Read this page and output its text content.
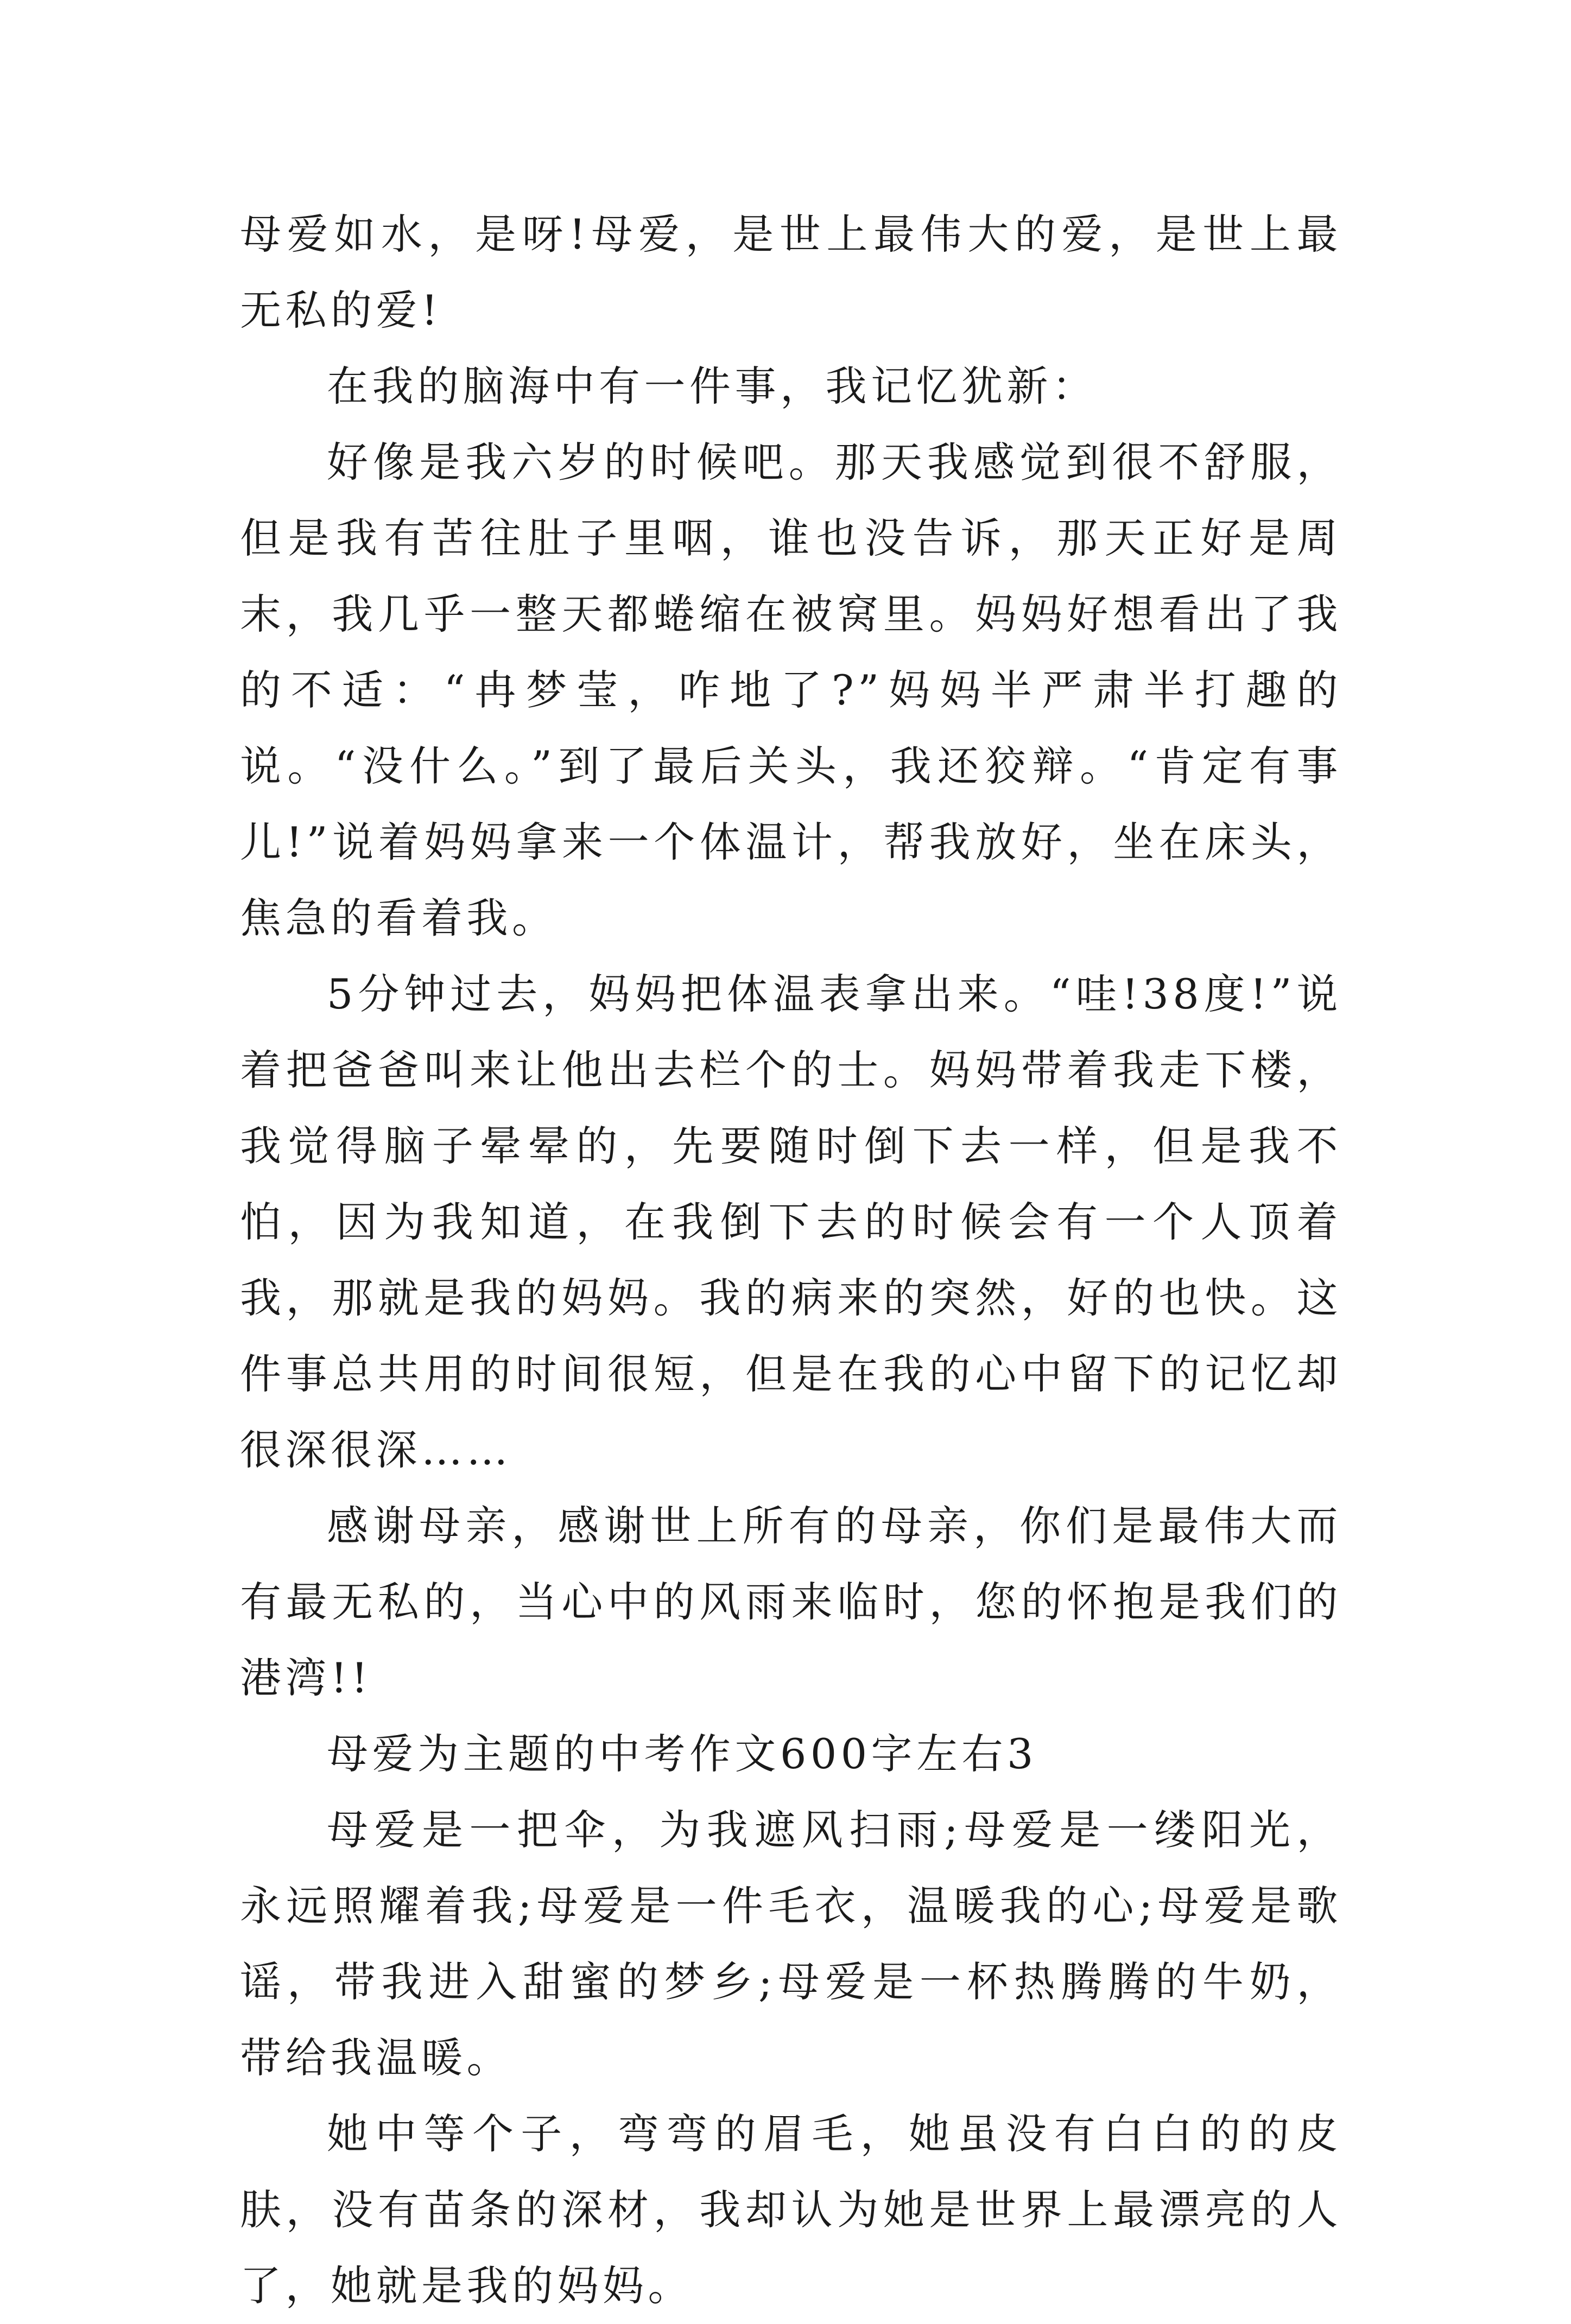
母爱如水，是呀!母爱，是世上最伟大的爱，是世上最无私的爱!

在我的脑海中有一件事，我记忆犹新：

好像是我六岁的时候吧。那天我感觉到很不舒服，但是我有苦往肚子里咽，谁也没告诉，那天正好是周末，我几乎一整天都蜷缩在被窝里。妈妈好想看出了我的不适：“冉梦莹，咋地了?”妈妈半严肃半打趣的说。“没什么。”到了最后关头，我还狡辩。“肯定有事儿!”说着妈妈拿来一个体温计，帮我放好，坐在床头，焦急的看着我。

5分钟过去，妈妈把体温表拿出来。“哇!38度!”说着把爸爸叫来让他出去栏个的士。妈妈带着我走下楼，我觉得脑子晕晕的，先要随时倒下去一样，但是我不怕，因为我知道，在我倒下去的时候会有一个人顶着我，那就是我的妈妈。我的病来的突然，好的也快。这件事总共用的时间很短，但是在我的心中留下的记忆却很深很深……

感谢母亲，感谢世上所有的母亲，你们是最伟大而有最无私的，当心中的风雨来临时，您的怀抱是我们的港湾!!

母爱为主题的中考作文600字左右3

母爱是一把伞，为我遮风扫雨;母爱是一缕阳光，永远照耀着我;母爱是一件毛衣，温暖我的心;母爱是歌谣，带我进入甜蜜的梦乡;母爱是一杯热腾腾的牛奶，带给我温暖。

她中等个子，弯弯的眉毛，她虽没有白白的的皮肤，没有苗条的深材，我却认为她是世界上最漂亮的人了，她就是我的妈妈。
